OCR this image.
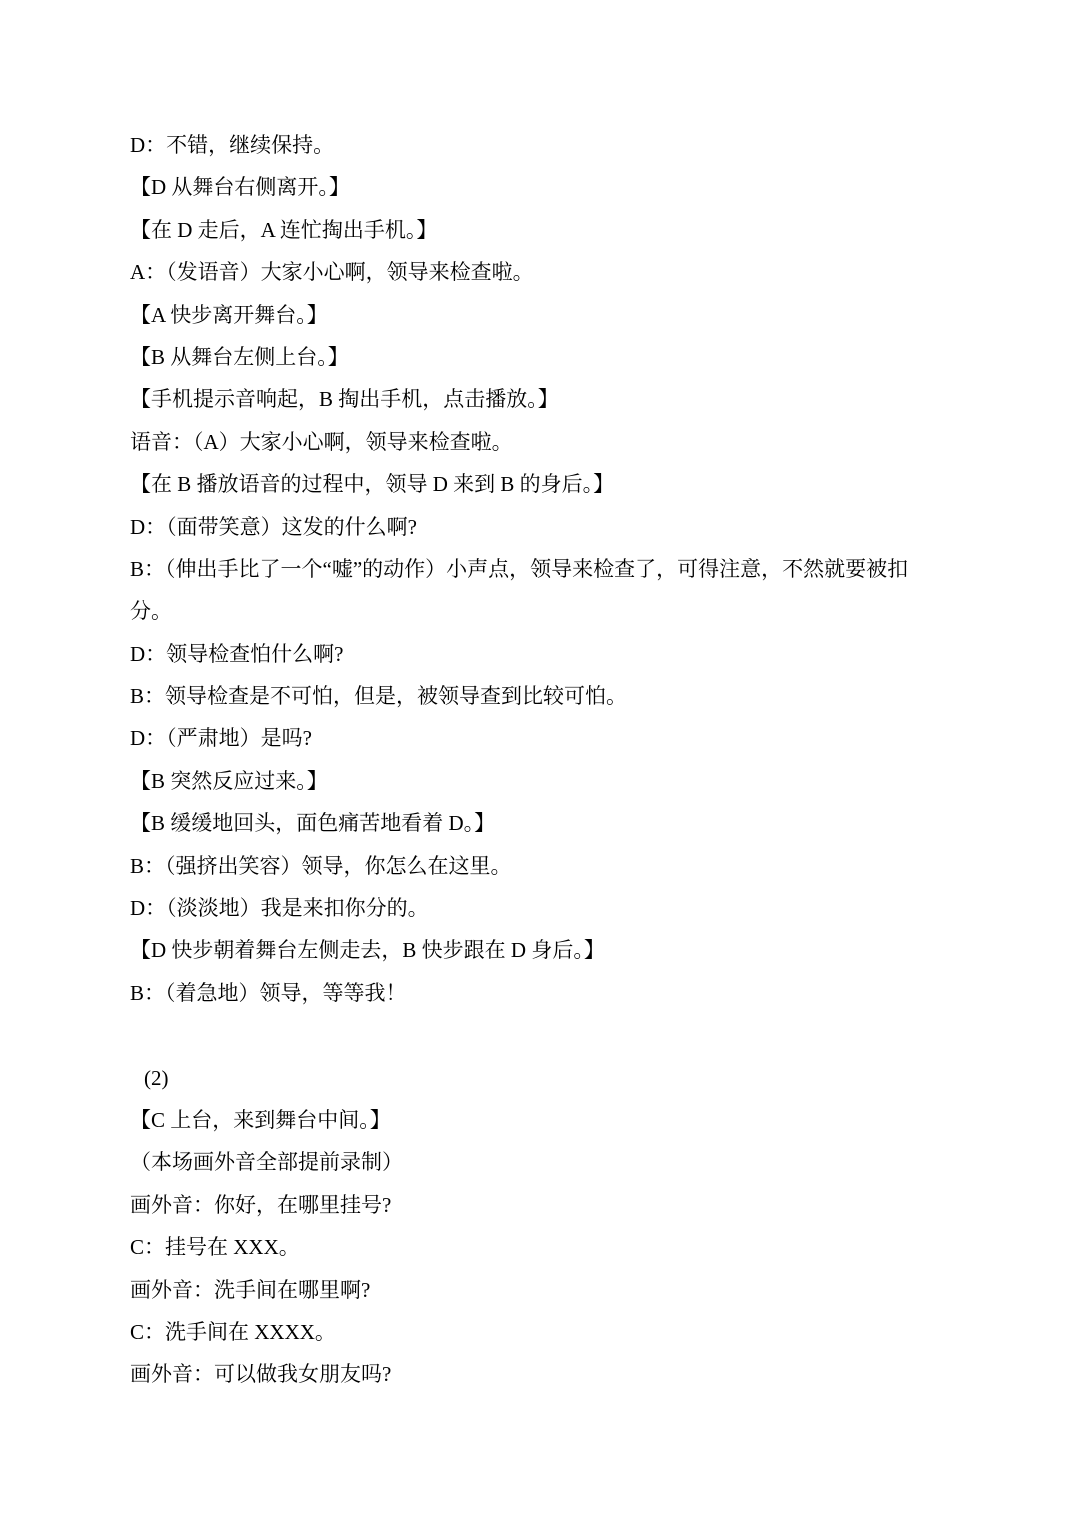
D：不错，继续保持。
【D 从舞台右侧离开。】
【在 D 走后，A 连忙掏出手机。】
A：（发语音）大家小心啊，领导来检查啦。
【A 快步离开舞台。】
【B 从舞台左侧上台。】
【手机提示音响起，B 掏出手机，点击播放。】
语音：（A）大家小心啊，领导来检查啦。
【在 B 播放语音的过程中，领导 D 来到 B 的身后。】
D：（面带笑意）这发的什么啊?
B：（伸出手比了一个“嘘”的动作）小声点，领导来检查了，可得注意，不然就要被扣
分。
D：领导检查怕什么啊?
B：领导检查是不可怕，但是，被领导查到比较可怕。
D：（严肃地）是吗?
【B 突然反应过来。】
【B 缓缓地回头，面色痛苦地看着 D。】
B：（强挤出笑容）领导，你怎么在这里。
D：（淡淡地）我是来扣你分的。
【D 快步朝着舞台左侧走去，B 快步跟在 D 身后。】
B：（着急地）领导，等等我！
(2)
【C 上台，来到舞台中间。】
（本场画外音全部提前录制）
画外音：你好，在哪里挂号?
C：挂号在 XXX。
画外音：洗手间在哪里啊?
C：洗手间在 XXXX。
画外音：可以做我女朋友吗?
